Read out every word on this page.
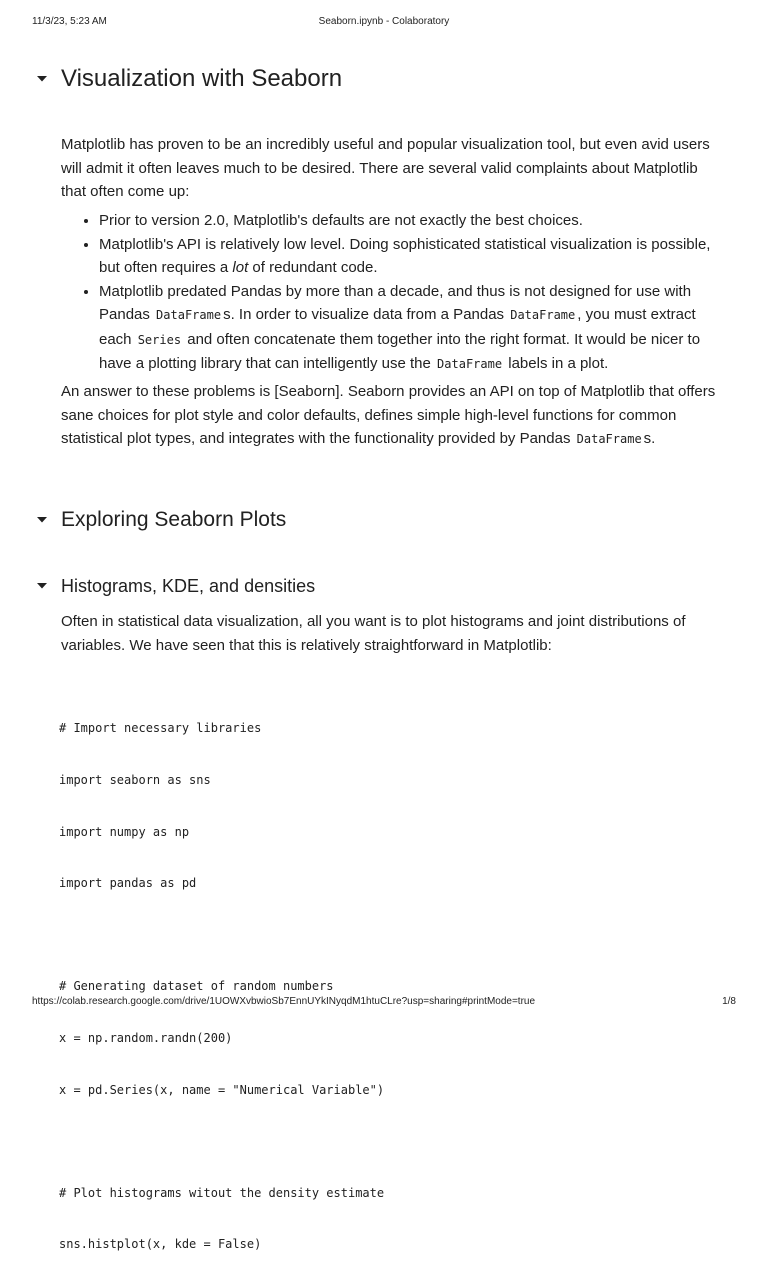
11/3/23, 5:23 AM	Seaborn.ipynb - Colaboratory
Visualization with Seaborn

Matplotlib has proven to be an incredibly useful and popular visualization tool, but even avid users will admit it often leaves much to be desired. There are several valid complaints about Matplotlib that often come up:

• Prior to version 2.0, Matplotlib's defaults are not exactly the best choices.
• Matplotlib's API is relatively low level. Doing sophisticated statistical visualization is possible, but often requires a lot of redundant code.
• Matplotlib predated Pandas by more than a decade, and thus is not designed for use with Pandas DataFrame s. In order to visualize data from a Pandas DataFrame , you must extract each Series and often concatenate them together into the right format. It would be nicer to have a plotting library that can intelligently use the DataFrame labels in a plot.

An answer to these problems is [Seaborn]. Seaborn provides an API on top of Matplotlib that offers sane choices for plot style and color defaults, defines simple high-level functions for common statistical plot types, and integrates with the functionality provided by Pandas DataFrame s.

Exploring Seaborn Plots
Histograms, KDE, and densities

Often in statistical data visualization, all you want is to plot histograms and joint distributions of variables. We have seen that this is relatively straightforward in Matplotlib:

# Import necessary libraries

import seaborn as sns

import numpy as np

import pandas as pd

# Generating dataset of random numbers

x = np.random.randn(200)

x = pd.Series(x, name = "Numerical Variable")

# Plot histograms witout the density estimate

sns.histplot(x, kde = False)

https://colab.research.google.com/drive/1UOWXvbwioSb7EnnUYkINyqdM1htuCLre?usp=sharing#printMode=true	1/8
